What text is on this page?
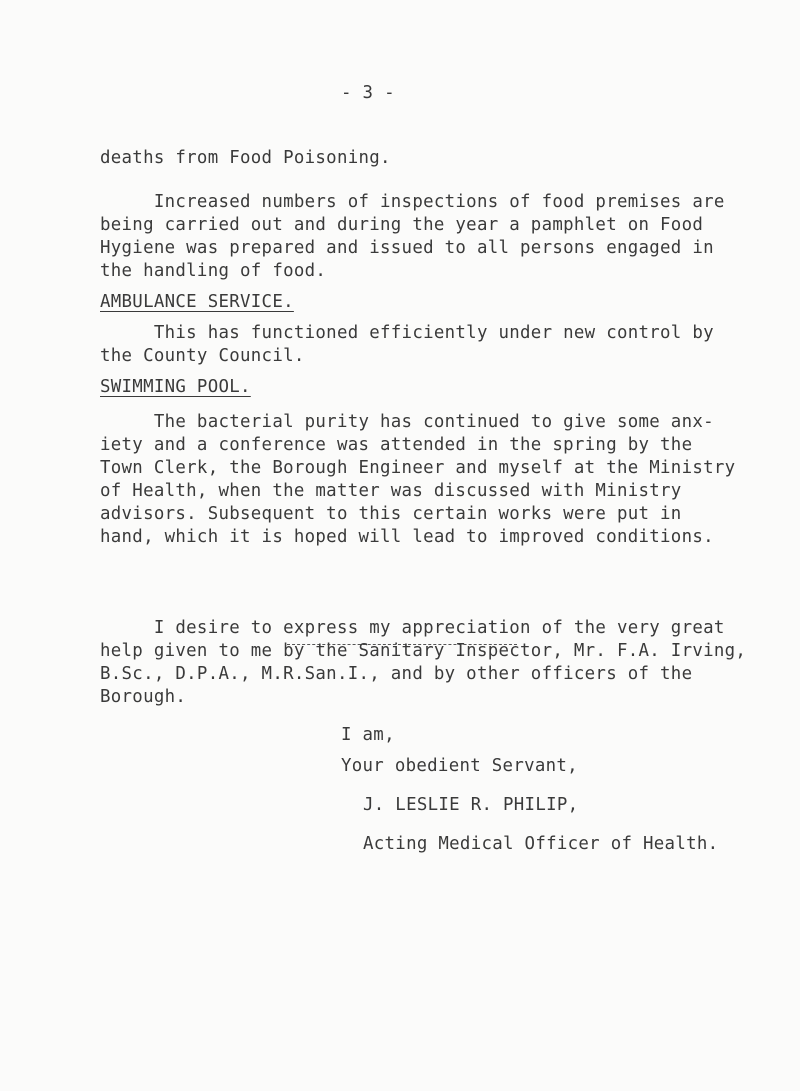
- 3 -
deaths from Food Poisoning.
Increased numbers of inspections of food premises are
being carried out and during the year a pamphlet on Food
Hygiene was prepared and issued to all persons engaged in
the handling of food.
AMBULANCE SERVICE.
This has functioned efficiently under new control by
the County Council.
SWIMMING POOL.
The bacterial purity has continued to give some anx-
iety and a conference was attended in the spring by the
Town Clerk, the Borough Engineer and myself at the Ministry
of Health, when the matter was discussed with Ministry
advisors. Subsequent to this certain works were put in
hand, which it is hoped will lead to improved conditions.
I desire to express my appreciation of the very great
help given to me by the Sanitary Inspector, Mr. F.A. Irving,
B.Sc., D.P.A., M.R.San.I., and by other officers of the
Borough.
I am,
Your obedient Servant,
J. LESLIE R. PHILIP,
Acting Medical Officer of Health.
